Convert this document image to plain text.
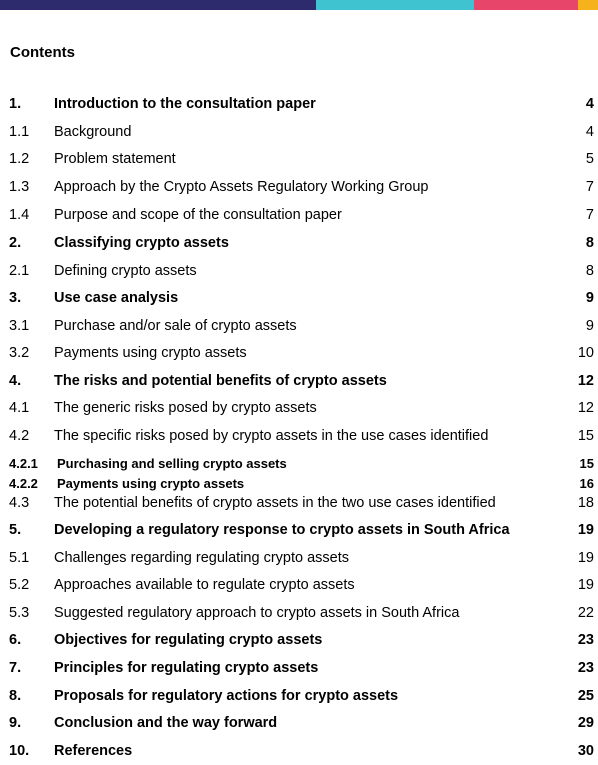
Contents
1. Introduction to the consultation paper	4
1.1 Background	4
1.2 Problem statement	5
1.3 Approach by the Crypto Assets Regulatory Working Group	7
1.4 Purpose and scope of the consultation paper	7
2. Classifying crypto assets	8
2.1 Defining crypto assets	8
3. Use case analysis	9
3.1 Purchase and/or sale of crypto assets	9
3.2 Payments using crypto assets	10
4. The risks and potential benefits of crypto assets	12
4.1 The generic risks posed by crypto assets	12
4.2 The specific risks posed by crypto assets in the use cases identified	15
4.2.1 Purchasing and selling crypto assets	15
4.2.2 Payments using crypto assets	16
4.3 The potential benefits of crypto assets in the two use cases identified	18
5. Developing a regulatory response to crypto assets in South Africa	19
5.1 Challenges regarding regulating crypto assets	19
5.2 Approaches available to regulate crypto assets	19
5.3 Suggested regulatory approach to crypto assets in South Africa	22
6. Objectives for regulating crypto assets	23
7. Principles for regulating crypto assets	23
8. Proposals for regulatory actions for crypto assets	25
9. Conclusion and the way forward	29
10. References	30
